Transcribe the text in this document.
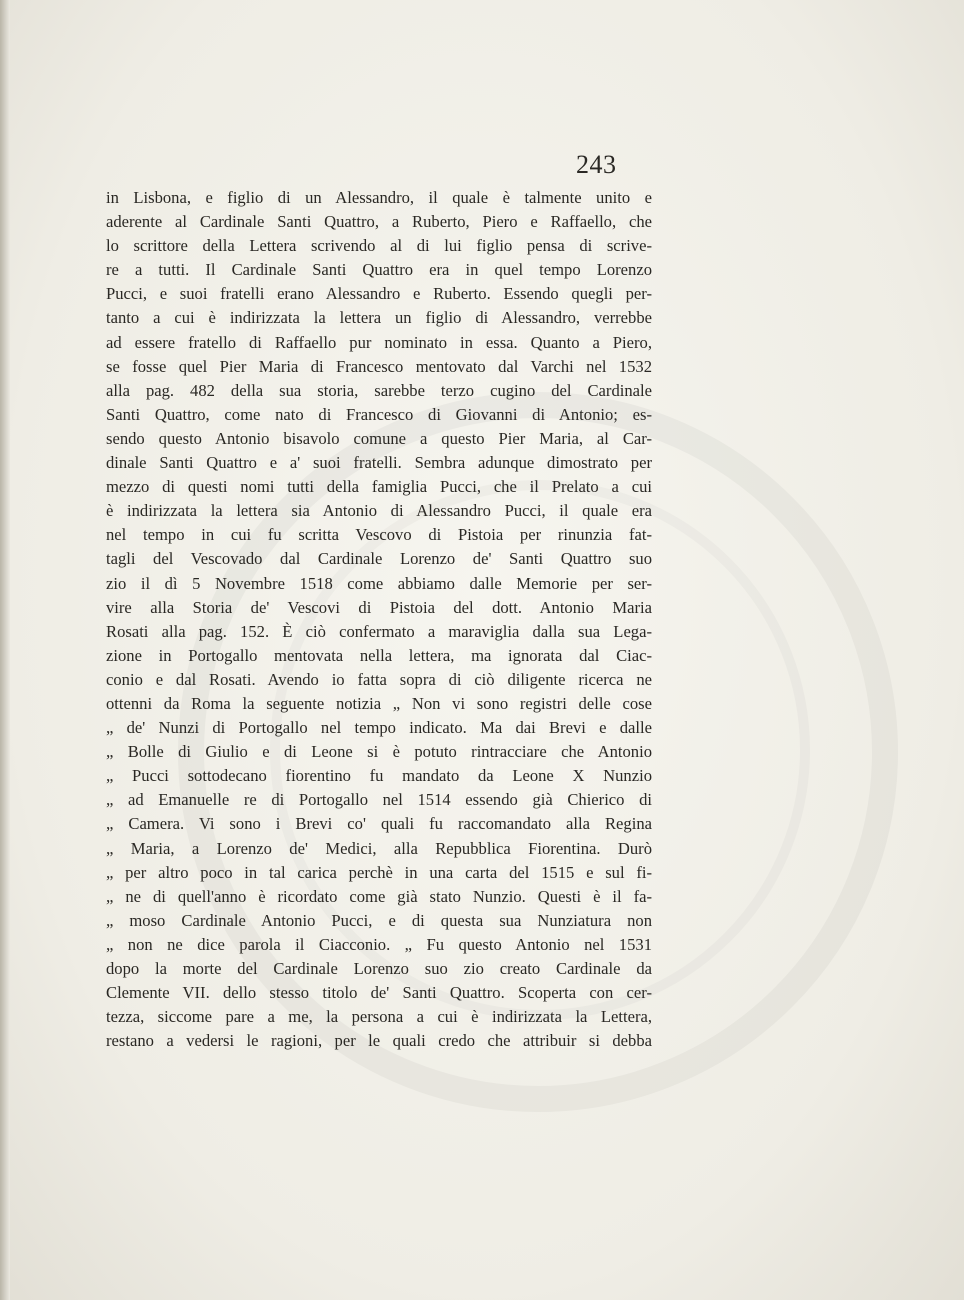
243
in Lisbona, e figlio di un Alessandro, il quale è talmente unito e
aderente al Cardinale Santi Quattro, a Ruberto, Piero e Raffaello, che
lo scrittore della Lettera scrivendo al di lui figlio pensa di scrive-
re a tutti. Il Cardinale Santi Quattro era in quel tempo Lorenzo
Pucci, e suoi fratelli erano Alessandro e Ruberto. Essendo quegli per-
tanto a cui è indirizzata la lettera un figlio di Alessandro, verrebbe
ad essere fratello di Raffaello pur nominato in essa. Quanto a Piero,
se fosse quel Pier Maria di Francesco mentovato dal Varchi nel 1532
alla pag. 482 della sua storia, sarebbe terzo cugino del Cardinale
Santi Quattro, come nato di Francesco di Giovanni di Antonio; es-
sendo questo Antonio bisavolo comune a questo Pier Maria, al Car-
dinale Santi Quattro e a' suoi fratelli. Sembra adunque dimostrato per
mezzo di questi nomi tutti della famiglia Pucci, che il Prelato a cui
è indirizzata la lettera sia Antonio di Alessandro Pucci, il quale era
nel tempo in cui fu scritta Vescovo di Pistoia per rinunzia fat-
tagli del Vescovado dal Cardinale Lorenzo de' Santi Quattro suo
zio il dì 5 Novembre 1518 come abbiamo dalle Memorie per ser-
vire alla Storia de' Vescovi di Pistoia del dott. Antonio Maria
Rosati alla pag. 152. È ciò confermato a maraviglia dalla sua Lega-
zione in Portogallo mentovata nella lettera, ma ignorata dal Ciac-
conio e dal Rosati. Avendo io fatta sopra di ciò diligente ricerca ne
ottenni da Roma la seguente notizia „ Non vi sono registri delle cose
„ de' Nunzi di Portogallo nel tempo indicato. Ma dai Brevi e dalle
„ Bolle di Giulio e di Leone si è potuto rintracciare che Antonio
„ Pucci sottodecano fiorentino fu mandato da Leone X Nunzio
„ ad Emanuelle re di Portogallo nel 1514 essendo già Chierico di
„ Camera. Vi sono i Brevi co' quali fu raccomandato alla Regina
„ Maria, a Lorenzo de' Medici, alla Repubblica Fiorentina. Durò
„ per altro poco in tal carica perchè in una carta del 1515 e sul fi-
„ ne di quell'anno è ricordato come già stato Nunzio. Questi è il fa-
„ moso Cardinale Antonio Pucci, e di questa sua Nunziatura non
„ non ne dice parola il Ciacconio. „ Fu questo Antonio nel 1531
dopo la morte del Cardinale Lorenzo suo zio creato Cardinale da
Clemente VII. dello stesso titolo de' Santi Quattro. Scoperta con cer-
tezza, siccome pare a me, la persona a cui è indirizzata la Lettera,
restano a vedersi le ragioni, per le quali credo che attribuir si debba
